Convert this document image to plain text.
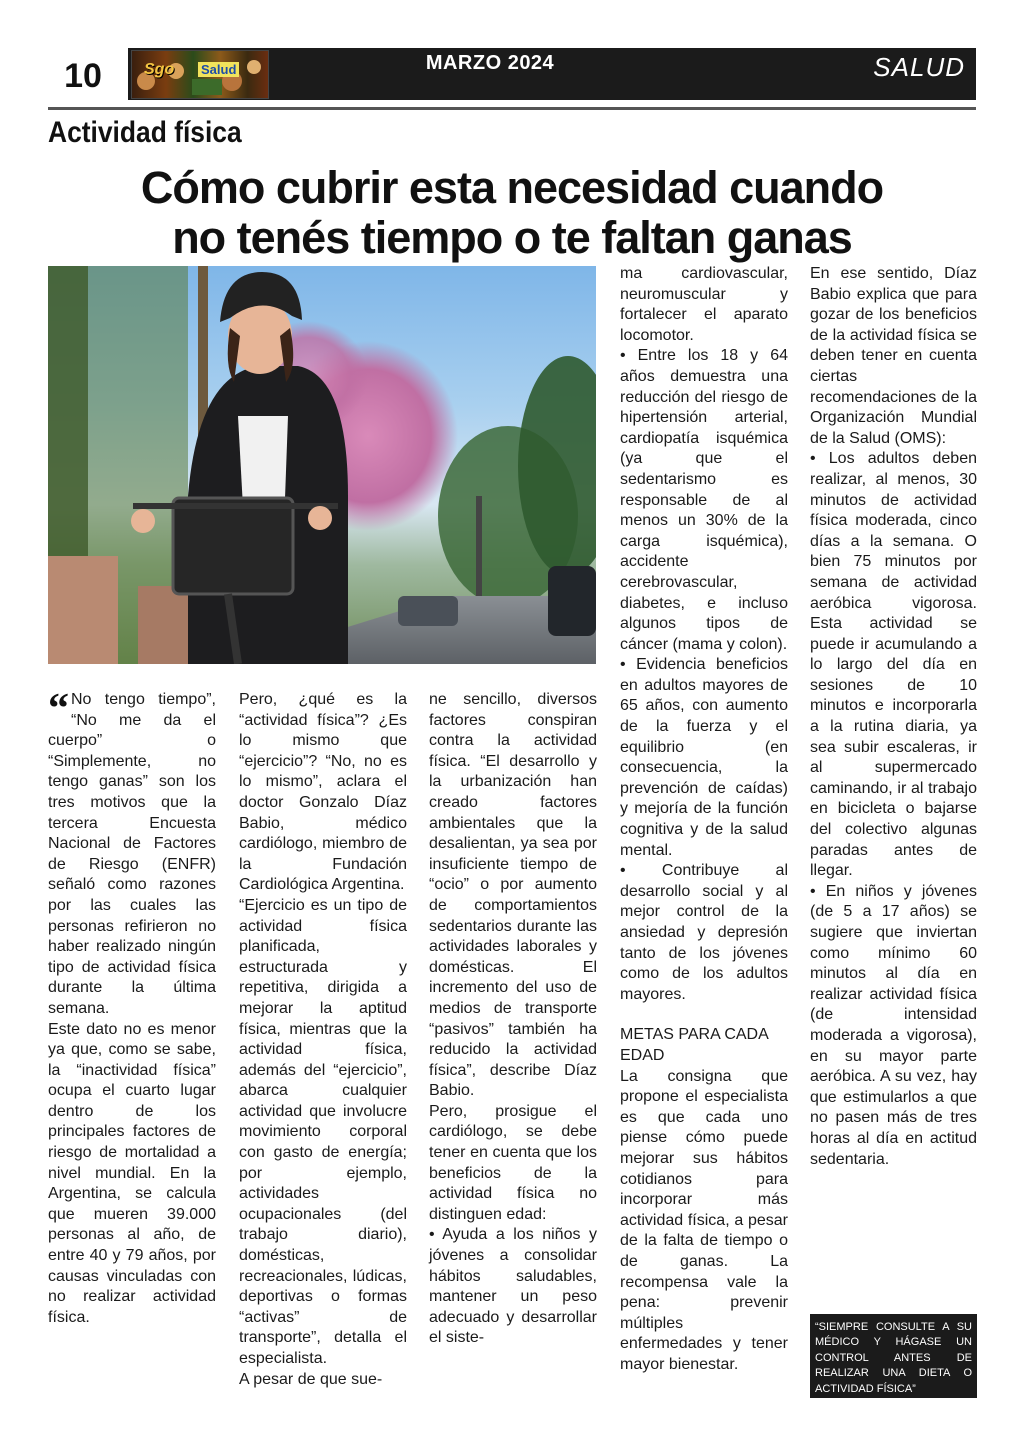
10	Sgo Salud	MARZO 2024	SALUD
Actividad física
Cómo cubrir esta necesidad cuando
no tenés tiempo o te faltan ganas

“ No tengo tiempo”, “No me da el cuerpo” o “Simplemente, no tengo ganas” son los tres motivos que la tercera Encuesta Nacional de Factores de Riesgo (ENFR) señaló como razones por las cuales las personas refirieron no haber realizado ningún tipo de actividad física durante la última semana.

Este dato no es menor ya que, como se sabe, la “inactividad física” ocupa el cuarto lugar dentro de los principales factores de riesgo de mortalidad a nivel mundial. En la Argentina, se calcula que mueren 39.000 personas al año, de entre 40 y 79 años, por causas vinculadas con no realizar actividad física.

Pero, ¿qué es la “actividad física”? ¿Es lo mismo que “ejercicio”? “No, no es lo mismo”, aclara el doctor Gonzalo Díaz Babio, médico cardiólogo, miembro de la Fundación Cardiológica Argentina.

“Ejercicio es un tipo de actividad física planificada, estructurada y repetitiva, dirigida a mejorar la aptitud física, mientras que la actividad física, además del “ejercicio”, abarca cualquier actividad que involucre movimiento corporal con gasto de energía; por ejemplo, actividades ocupacionales (del trabajo diario), domésticas, recreacionales, lúdicas, deportivas o formas “activas” de transporte”, detalla el especialista.

A pesar de que sue-

ne sencillo, diversos factores conspiran contra la actividad física. “El desarrollo y la urbanización han creado factores ambientales que la desalientan, ya sea por insuficiente tiempo de “ocio” o por aumento de comportamientos sedentarios durante las actividades laborales y domésticas. El incremento del uso de medios de transporte “pasivos” también ha reducido la actividad física”, describe Díaz Babio.

Pero, prosigue el cardiólogo, se debe tener en cuenta que los beneficios de la actividad física no distinguen edad:

• Ayuda a los niños y jóvenes a consolidar hábitos saludables, mantener un peso adecuado y desarrollar el siste-

ma cardiovascular, neuromuscular y fortalecer el aparato locomotor.

• Entre los 18 y 64 años demuestra una reducción del riesgo de hipertensión arterial, cardiopatía isquémica (ya que el sedentarismo es responsable de al menos un 30% de la carga isquémica), accidente cerebrovascular, diabetes, e incluso algunos tipos de cáncer (mama y colon).

• Evidencia beneficios en adultos mayores de 65 años, con aumento de la fuerza y el equilibrio (en consecuencia, la prevención de caídas) y mejoría de la función cognitiva y de la salud mental.

• Contribuye al desarrollo social y al mejor control de la ansiedad y depresión tanto de los jóvenes como de los adultos mayores.

METAS PARA CADA EDAD

La consigna que propone el especialista es que cada uno piense cómo puede mejorar sus hábitos cotidianos para incorporar más actividad física, a pesar de la falta de tiempo o de ganas. La recompensa vale la pena: prevenir múltiples enfermedades y tener mayor bienestar.

En ese sentido, Díaz Babio explica que para gozar de los beneficios de la actividad física se deben tener en cuenta ciertas recomendaciones de la Organización Mundial de la Salud (OMS):

• Los adultos deben realizar, al menos, 30 minutos de actividad física moderada, cinco días a la semana. O bien 75 minutos por semana de actividad aeróbica vigorosa. Esta actividad se puede ir acumulando a lo largo del día en sesiones de 10 minutos e incorporarla a la rutina diaria, ya sea subir escaleras, ir al supermercado caminando, ir al trabajo en bicicleta o bajarse del colectivo algunas paradas antes de llegar.

• En niños y jóvenes (de 5 a 17 años) se sugiere que inviertan como mínimo 60 minutos al día en realizar actividad física (de intensidad moderada a vigorosa), en su mayor parte aeróbica. A su vez, hay que estimularlos a que no pasen más de tres horas al día en actitud sedentaria.

“SIEMPRE CONSULTE A SU MÉDICO Y HÁGASE UN CONTROL ANTES DE REALIZAR UNA DIETA O ACTIVIDAD FÍSICA”
